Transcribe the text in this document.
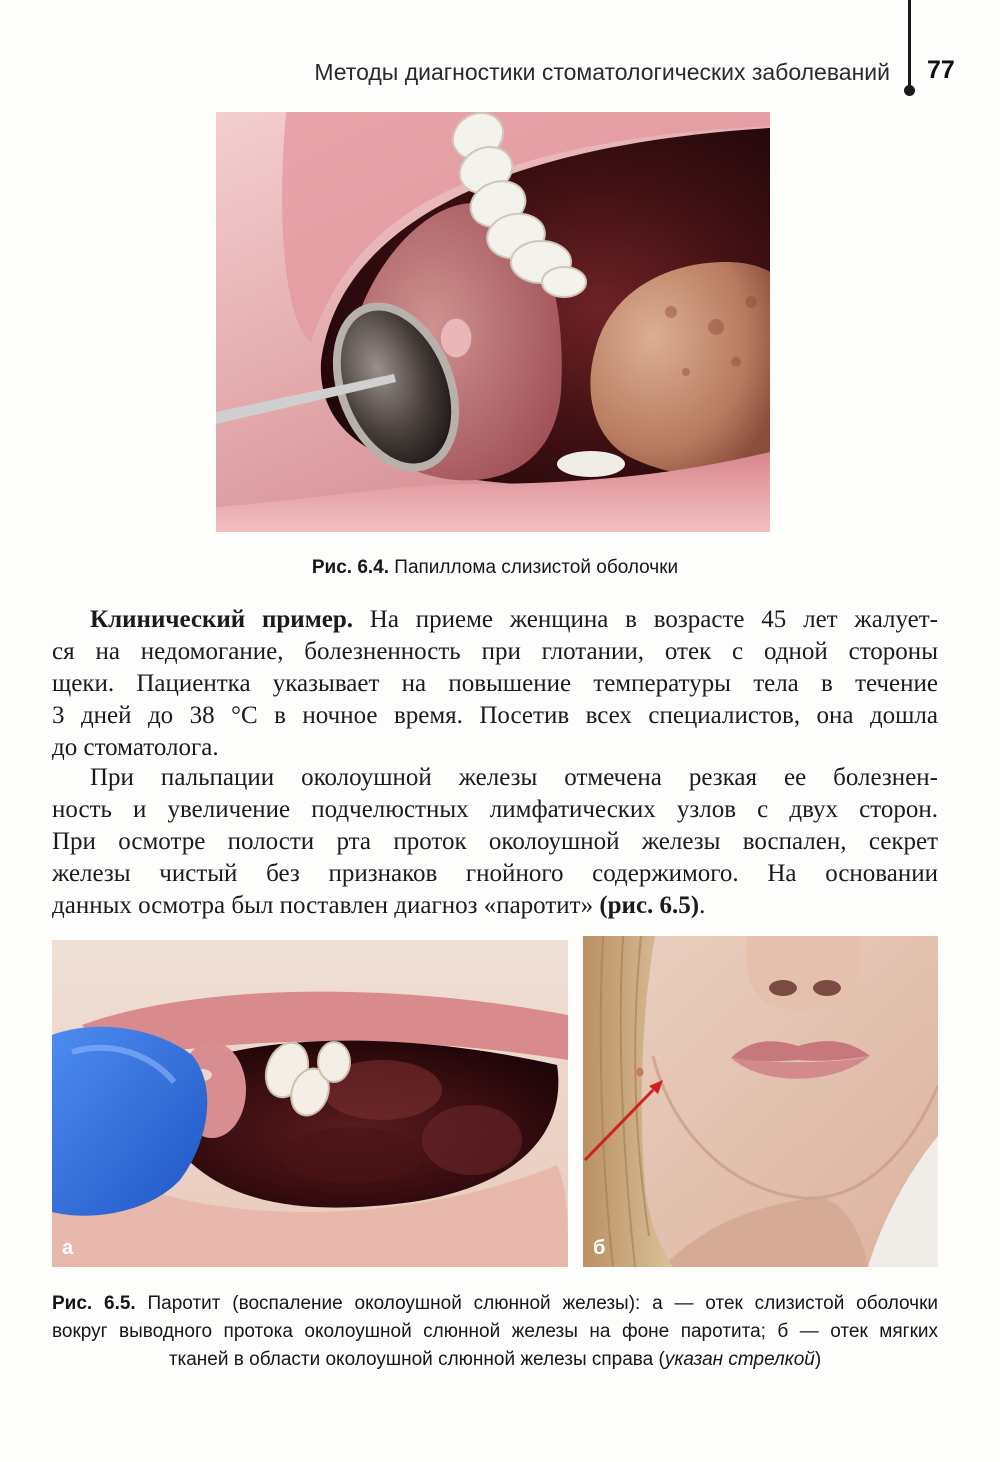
Методы диагностики стоматологических заболеваний 77
Рис. 6.4. Папиллома слизистой оболочки
Клинический пример. На приеме женщина в возрасте 45 лет жалует-
ся на недомогание, болезненность при глотании, отек с одной стороны
щеки. Пациентка указывает на повышение температуры тела в течение
3 дней до 38 °С в ночное время. Посетив всех специалистов, она дошла
до стоматолога.
При пальпации околоушной железы отмечена резкая ее болезнен-
ность и увеличение подчелюстных лимфатических узлов с двух сторон.
При осмотре полости рта проток околоушной железы воспален, секрет
железы чистый без признаков гнойного содержимого. На основании
данных осмотра был поставлен диагноз «паротит» (рис. 6.5).
а	б
Рис. 6.5. Паротит (воспаление околоушной слюнной железы): а — отек слизистой оболочки
вокруг выводного протока околоушной слюнной железы на фоне паротита; б — отек мягких
тканей в области околоушной слюнной железы справа (указан стрелкой)
